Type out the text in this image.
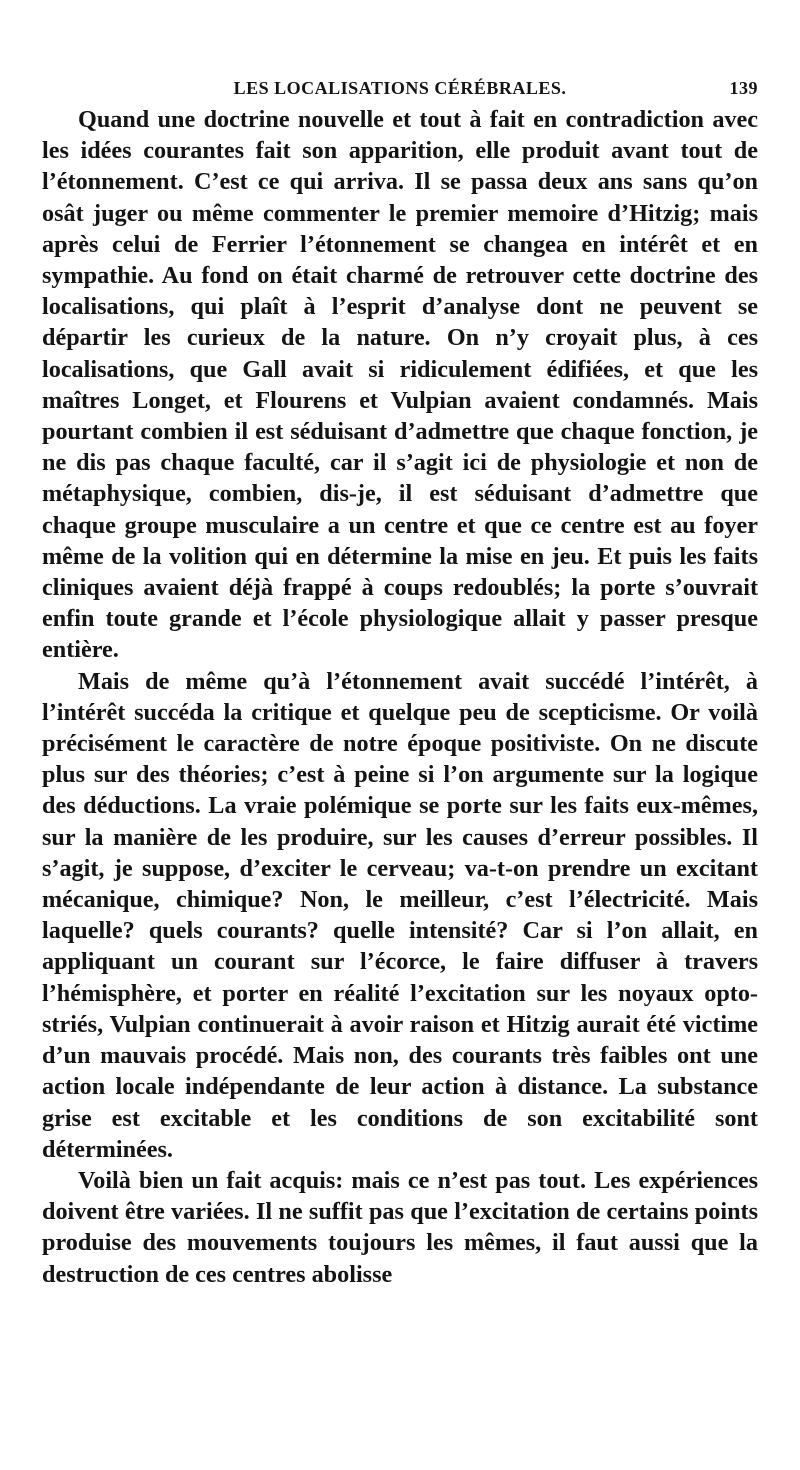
LES LOCALISATIONS CÉRÉBRALES.	139

Quand une doctrine nouvelle et tout à fait en contradiction avec les idées courantes fait son apparition, elle produit avant tout de l’étonnement. C’est ce qui arriva. Il se passa deux ans sans qu’on osât juger ou même commenter le premier memoire d’Hitzig; mais après celui de Ferrier l’étonnement se changea en intérêt et en sympathie. Au fond on était charmé de retrouver cette doctrine des localisations, qui plaît à l’esprit d’analyse dont ne peuvent se départir les curieux de la nature. On n’y croyait plus, à ces localisations, que Gall avait si ridiculement édifiées, et que les maîtres Longet, et Flourens et Vulpian avaient condamnés. Mais pourtant combien il est séduisant d’admettre que chaque fonction, je ne dis pas chaque faculté, car il s’agit ici de physiologie et non de métaphysique, combien, dis-je, il est séduisant d’admettre que chaque groupe musculaire a un centre et que ce centre est au foyer même de la volition qui en détermine la mise en jeu. Et puis les faits cliniques avaient déjà frappé à coups redoublés; la porte s’ouvrait enfin toute grande et l’école physiologique allait y passer presque entière.

Mais de même qu’à l’étonnement avait succédé l’intérêt, à l’intérêt succéda la critique et quelque peu de scepticisme. Or voilà précisément le caractère de notre époque positiviste. On ne discute plus sur des théories; c’est à peine si l’on argumente sur la logique des déductions. La vraie polémique se porte sur les faits eux-mêmes, sur la manière de les produire, sur les causes d’erreur possibles. Il s’agit, je suppose, d’exciter le cerveau; va-t-on prendre un excitant mécanique, chimique? Non, le meilleur, c’est l’électricité. Mais laquelle? quels courants? quelle intensité? Car si l’on allait, en appliquant un courant sur l’écorce, le faire diffuser à travers l’hémisphère, et porter en réalité l’excitation sur les noyaux opto-striés, Vulpian continuerait à avoir raison et Hitzig aurait été victime d’un mauvais procédé. Mais non, des courants très faibles ont une action locale indépendante de leur action à distance. La substance grise est excitable et les conditions de son excitabilité sont déterminées.

Voilà bien un fait acquis: mais ce n’est pas tout. Les expériences doivent être variées. Il ne suffit pas que l’excitation de certains points produise des mouvements toujours les mêmes, il faut aussi que la destruction de ces centres abolisse
